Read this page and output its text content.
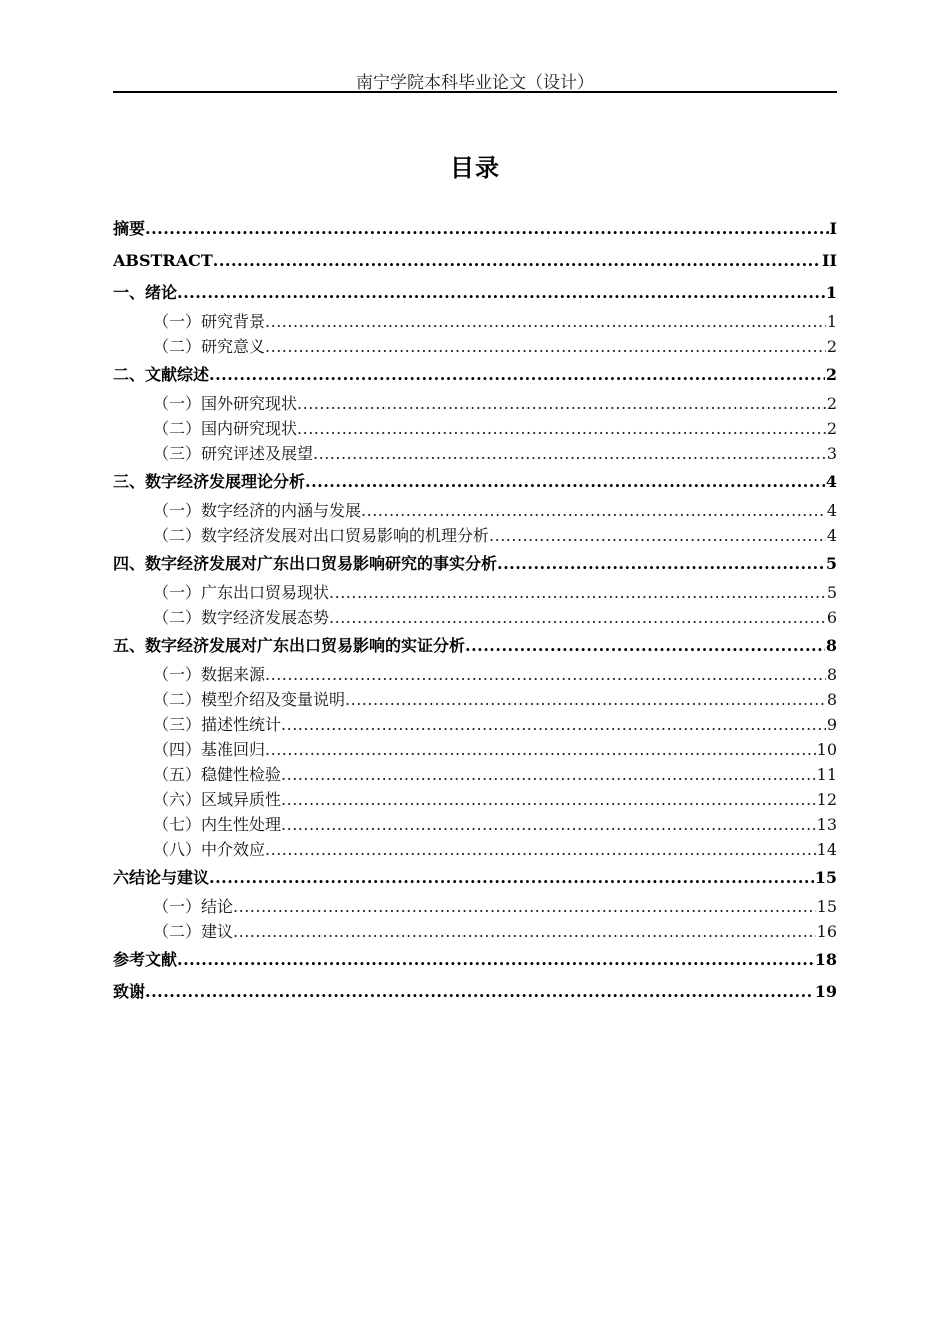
南宁学院本科毕业论文（设计）
目录
摘要 .....	I
ABSTRACT .....	II
一、绪论 .....	1
（一）研究背景 .....	1
（二）研究意义 .....	2
二、文献综述 .....	2
（一）国外研究现状 .....	2
（二）国内研究现状 .....	2
（三）研究评述及展望 .....	3
三、数字经济发展理论分析 .....	4
（一）数字经济的内涵与发展 .....	4
（二）数字经济发展对出口贸易影响的机理分析 .....	4
四、数字经济发展对广东出口贸易影响研究的事实分析 .....	5
（一）广东出口贸易现状 .....	5
（二）数字经济发展态势 .....	6
五、数字经济发展对广东出口贸易影响的实证分析 .....	8
（一）数据来源 .....	8
（二）模型介绍及变量说明 .....	8
（三）描述性统计 .....	9
（四）基准回归 .....	10
（五）稳健性检验 .....	11
（六）区域异质性 .....	12
（七）内生性处理 .....	13
（八）中介效应 .....	14
六结论与建议 .....	15
（一）结论 .....	15
（二）建议 .....	16
参考文献 .....	18
致谢 .....	19
